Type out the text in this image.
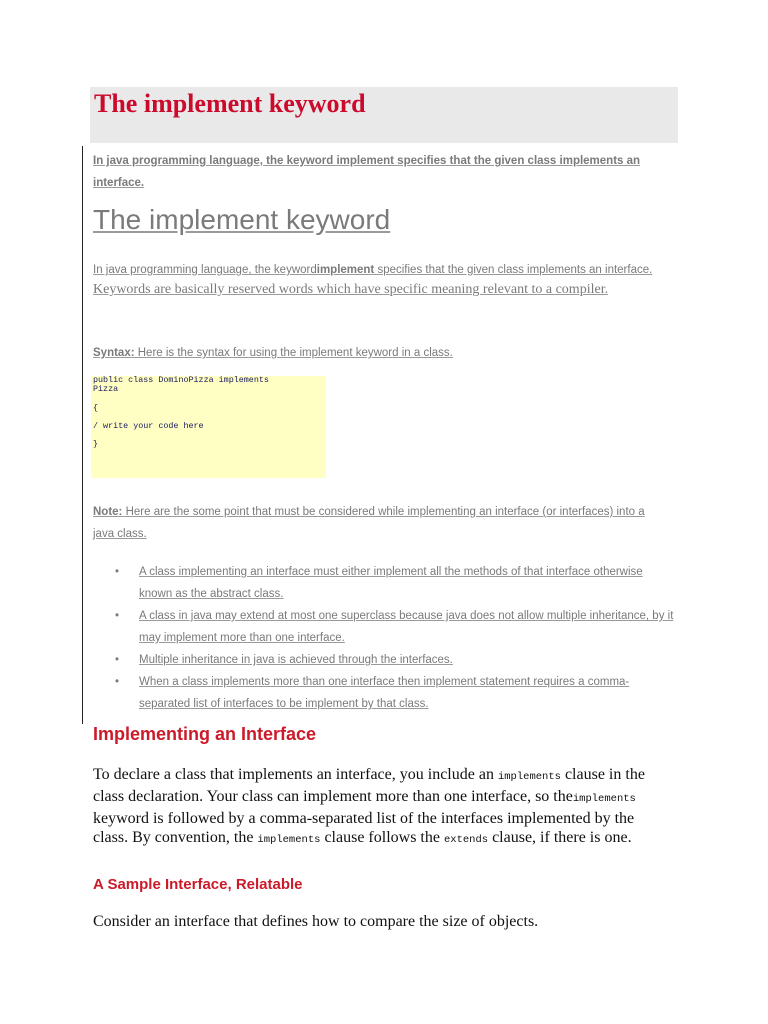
The implement keyword
In java programming language, the keyword implement specifies that the given class implements an interface.
The implement keyword
In java programming language, the keywordimplement specifies that the given class implements an interface. Keywords are basically reserved words which have specific meaning relevant to a compiler.
Syntax: Here is the syntax for using the implement keyword in a class.
public class DominoPizza implements
Pizza

{

/ write your code here

}
Note: Here are the some point that must be considered while implementing an interface (or interfaces) into a java class.
• A class implementing an interface must either implement all the methods of that interface otherwise known as the abstract class.
• A class in java may extend at most one superclass because java does not allow multiple inheritance, by it may implement more than one interface.
• Multiple inheritance in java is achieved through the interfaces.
• When a class implements more than one interface then implement statement requires a comma-separated list of interfaces to be implement by that class.
Implementing an Interface
To declare a class that implements an interface, you include an implements clause in the class declaration. Your class can implement more than one interface, so theimplements keyword is followed by a comma-separated list of the interfaces implemented by the class. By convention, the implements clause follows the extends clause, if there is one.
A Sample Interface, Relatable
Consider an interface that defines how to compare the size of objects.
